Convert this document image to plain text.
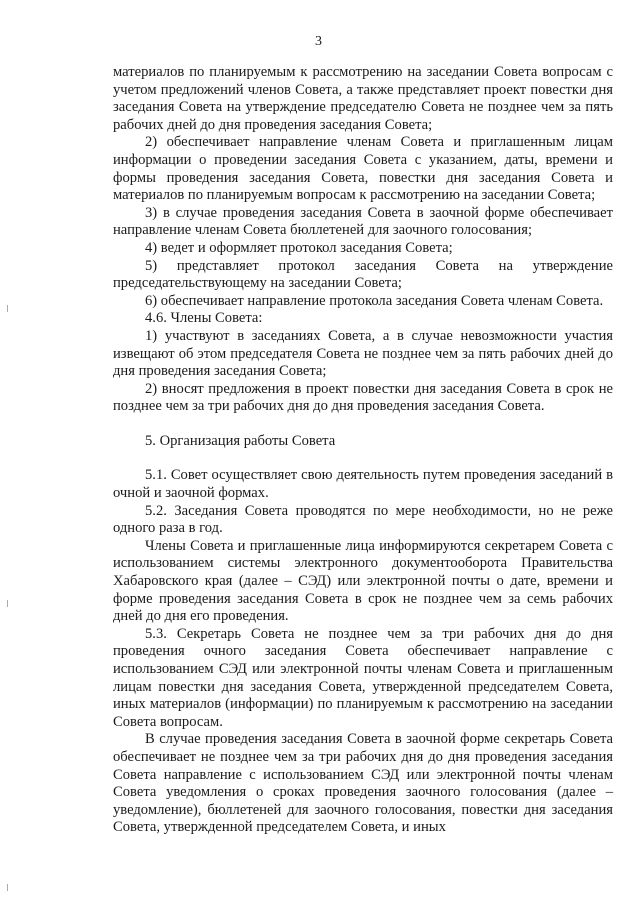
3

материалов по планируемым к рассмотрению на заседании Совета вопросам с учетом предложений членов Совета, а также представляет проект повестки дня заседания Совета на утверждение председателю Совета не позднее чем за пять рабочих дней до дня проведения заседания Совета;

2) обеспечивает направление членам Совета и приглашенным лицам информации о проведении заседания Совета с указанием, даты, времени и формы проведения заседания Совета, повестки дня заседания Совета и материалов по планируемым вопросам к рассмотрению на заседании Совета;

3) в случае проведения заседания Совета в заочной форме обеспечивает направление членам Совета бюллетеней для заочного голосования;

4) ведет и оформляет протокол заседания Совета;

5) представляет протокол заседания Совета на утверждение председательствующему на заседании Совета;

6) обеспечивает направление протокола заседания Совета членам Совета.

4.6. Члены Совета:

1) участвуют в заседаниях Совета, а в случае невозможности участия извещают об этом председателя Совета не позднее чем за пять рабочих дней до дня проведения заседания Совета;

2) вносят предложения в проект повестки дня заседания Совета в срок не позднее чем за три рабочих дня до дня проведения заседания Совета.

5. Организация работы Совета

5.1. Совет осуществляет свою деятельность путем проведения заседаний в очной и заочной формах.

5.2. Заседания Совета проводятся по мере необходимости, но не реже одного раза в год.

Члены Совета и приглашенные лица информируются секретарем Совета с использованием системы электронного документооборота Правительства Хабаровского края (далее – СЭД) или электронной почты о дате, времени и форме проведения заседания Совета в срок не позднее чем за семь рабочих дней до дня его проведения.

5.3. Секретарь Совета не позднее чем за три рабочих дня до дня проведения очного заседания Совета обеспечивает направление с использованием СЭД или электронной почты членам Совета и приглашенным лицам повестки дня заседания Совета, утвержденной председателем Совета, иных материалов (информации) по планируемым к рассмотрению на заседании Совета вопросам.

В случае проведения заседания Совета в заочной форме секретарь Совета обеспечивает не позднее чем за три рабочих дня до дня проведения заседания Совета направление с использованием СЭД или электронной почты членам Совета уведомления о сроках проведения заочного голосования (далее – уведомление), бюллетеней для заочного голосования, повестки дня заседания Совета, утвержденной председателем Совета, и иных
